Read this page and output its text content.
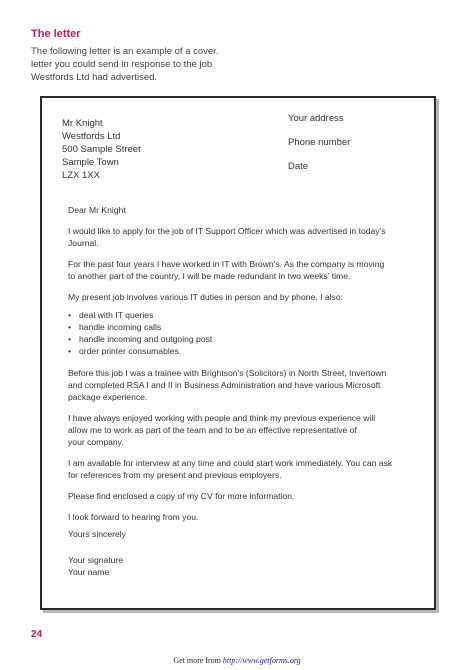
The letter
The following letter is an example of a cover.
letter you could send in response to the job
Westfords Ltd had advertised.
Mr Knight
Westfords Ltd
500 Sample Street
Sample Town
LZX 1XX
Your address
Phone number
Date

Dear Mr Knight

I would like to apply for the job of IT Support Officer which was advertised in today's
Journal.

For the past four years I have worked in IT with Brown's. As the company is moving
to another part of the country, I will be made redundant in two weeks' time.

My present job involves various IT duties in person and by phone. I also:

• deal with IT queries
• handle incoming calls
• handle incoming and outgoing post
• order printer consumables.

Before this job I was a trainee with Brightson's (Solicitors) in North Street, Invertown
and completed RSA I and II in Business Administration and have various Microsoft
package experience.

I have always enjoyed working with people and think my previous experience will
allow me to work as part of the team and to be an effective representative of
your company.

I am available for interview at any time and could start work immediately. You can ask
for references from my present and previous employers.

Please find enclosed a copy of my CV for more information.

I look forward to hearing from you.

Yours sincerely
Your signature
Your name
24
Get more from http://www.getforms.org
